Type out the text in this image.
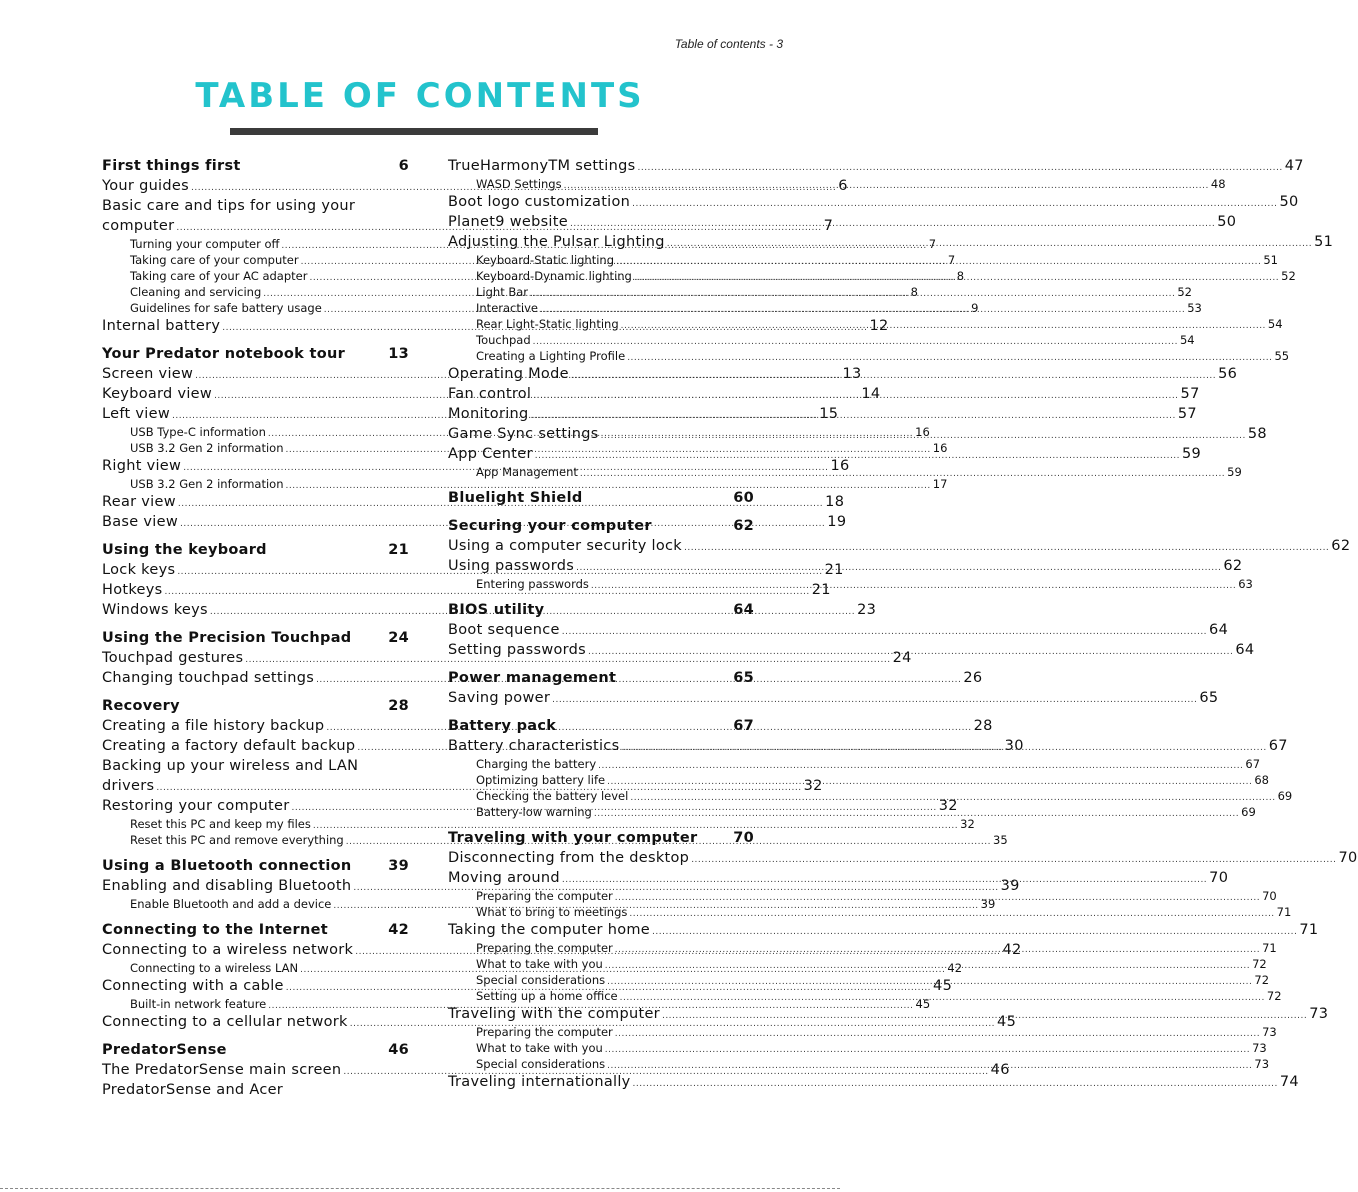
Table of contents - 3
TABLE OF CONTENTS
First things first	6
Your guides .....	6
Basic care and tips for using your
computer .....	7
Turning your computer off .....	7
Taking care of your computer .....	7
Taking care of your AC adapter .....	8
Cleaning and servicing .....	8
Guidelines for safe battery usage .....	9
Internal battery .....	12
Your Predator notebook tour	13
Screen view .....	13
Keyboard view .....	14
Left view .....	15
USB Type-C information .....	16
USB 3.2 Gen 2 information .....	16
Right view .....	16
USB 3.2 Gen 2 information .....	17
Rear view .....	18
Base view .....	19
Using the keyboard	21
Lock keys .....	21
Hotkeys .....	21
Windows keys .....	23
Using the Precision Touchpad	24
Touchpad gestures .....	24
Changing touchpad settings .....	26
Recovery	28
Creating a file history backup .....	28
Creating a factory default backup .....	30
Backing up your wireless and LAN
drivers .....	32
Restoring your computer .....	32
Reset this PC and keep my files .....	32
Reset this PC and remove everything .....	35
Using a Bluetooth connection	39
Enabling and disabling Bluetooth .....	39
Enable Bluetooth and add a device .....	39
Connecting to the Internet	42
Connecting to a wireless network .....	42
Connecting to a wireless LAN .....	42
Connecting with a cable .....	45
Built-in network feature .....	45
Connecting to a cellular network .....	45
PredatorSense	46
The PredatorSense main screen .....	46
PredatorSense and Acer
TrueHarmonyTM settings .....	47
WASD Settings .....	48
Boot logo customization .....	50
Planet9 website .....	50
Adjusting the Pulsar Lighting .....	51
Keyboard-Static lighting .....	51
Keyboard-Dynamic lighting .....	52
Light Bar .....	52
Interactive .....	53
Rear Light-Static lighting .....	54
Touchpad .....	54
Creating a Lighting Profile .....	55
Operating Mode .....	56
Fan control .....	57
Monitoring .....	57
Game Sync settings .....	58
App Center .....	59
App Management .....	59
Bluelight Shield	60
Securing your computer	62
Using a computer security lock .....	62
Using passwords .....	62
Entering passwords .....	63
BIOS utility	64
Boot sequence .....	64
Setting passwords .....	64
Power management	65
Saving power .....	65
Battery pack	67
Battery characteristics .....	67
Charging the battery .....	67
Optimizing battery life .....	68
Checking the battery level .....	69
Battery-low warning .....	69
Traveling with your computer 70
Disconnecting from the desktop .....	70
Moving around .....	70
Preparing the computer .....	70
What to bring to meetings .....	71
Taking the computer home .....	71
Preparing the computer .....	71
What to take with you .....	72
Special considerations .....	72
Setting up a home office .....	72
Traveling with the computer .....	73
Preparing the computer .....	73
What to take with you .....	73
Special considerations .....	73
Traveling internationally .....	74
